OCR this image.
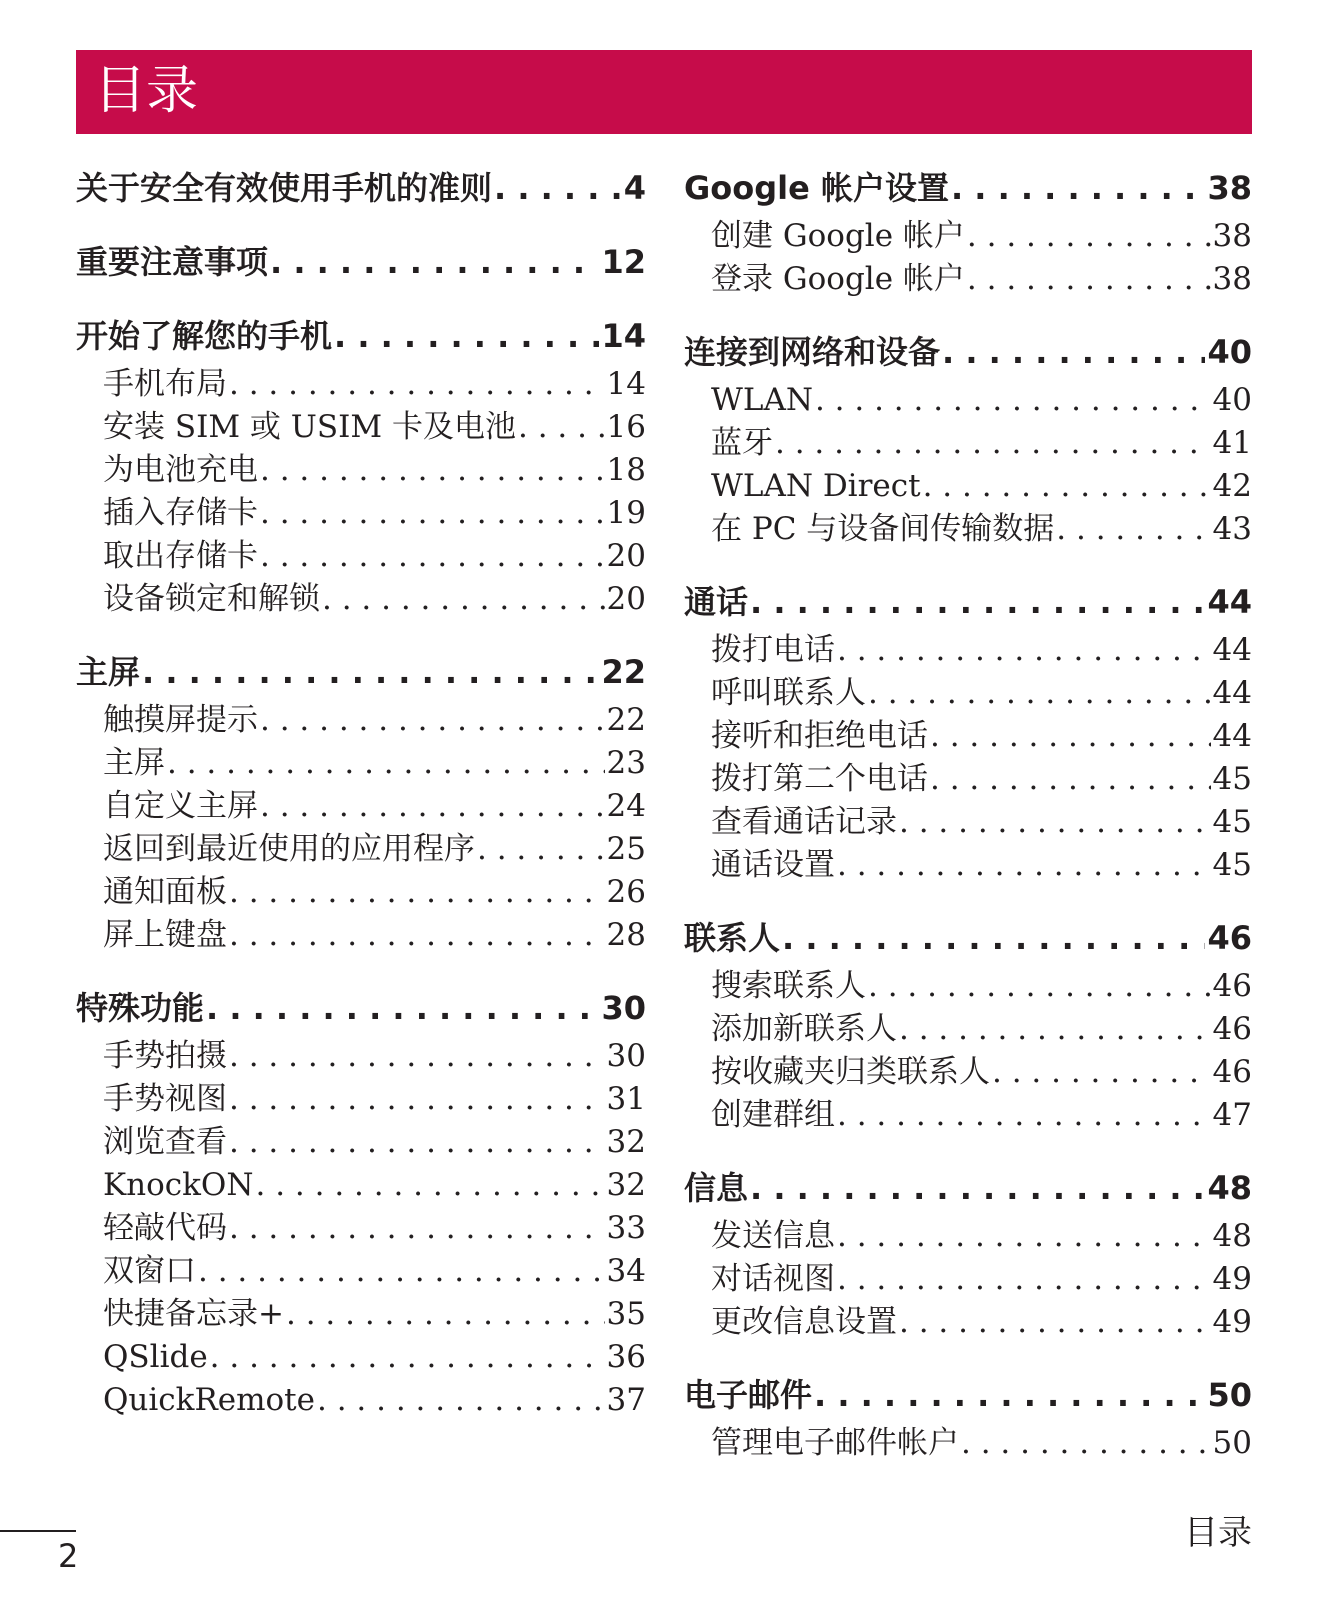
目录
关于安全有效使用手机的准则 . . .	4
重要注意事项 . . .	12
开始了解您的手机 . . .	14
手机布局 . . .	14
安装 SIM 或 USIM 卡及电池 . . .	16
为电池充电 . . .	18
插入存储卡 . . .	19
取出存储卡 . . .	20
设备锁定和解锁 . . .	20
主屏 . . .	22
触摸屏提示 . . .	22
主屏 . . .	23
自定义主屏 . . .	24
返回到最近使用的应用程序 . . .	25
通知面板 . . .	26
屏上键盘 . . .	28
特殊功能 . . .	30
手势拍摄 . . .	30
手势视图 . . .	31
浏览查看 . . .	32
KnockON . . .	32
轻敲代码 . . .	33
双窗口 . . .	34
快捷备忘录+ . . .	35
QSlide . . .	36
QuickRemote . . .	37
Google 帐户设置 . . .	38
创建 Google 帐户 . . .	38
登录 Google 帐户 . . .	38
连接到网络和设备 . . .	40
WLAN . . .	40
蓝牙 . . .	41
WLAN Direct . . .	42
在 PC 与设备间传输数据 . . .	43
通话 . . .	44
拨打电话 . . .	44
呼叫联系人 . . .	44
接听和拒绝电话 . . .	44
拨打第二个电话 . . .	45
查看通话记录 . . .	45
通话设置 . . .	45
联系人 . . .	46
搜索联系人 . . .	46
添加新联系人 . . .	46
按收藏夹归类联系人 . . .	46
创建群组 . . .	47
信息 . . .	48
发送信息 . . .	48
对话视图 . . .	49
更改信息设置 . . .	49
电子邮件 . . .	50
管理电子邮件帐户 . . .	50
2
目录
